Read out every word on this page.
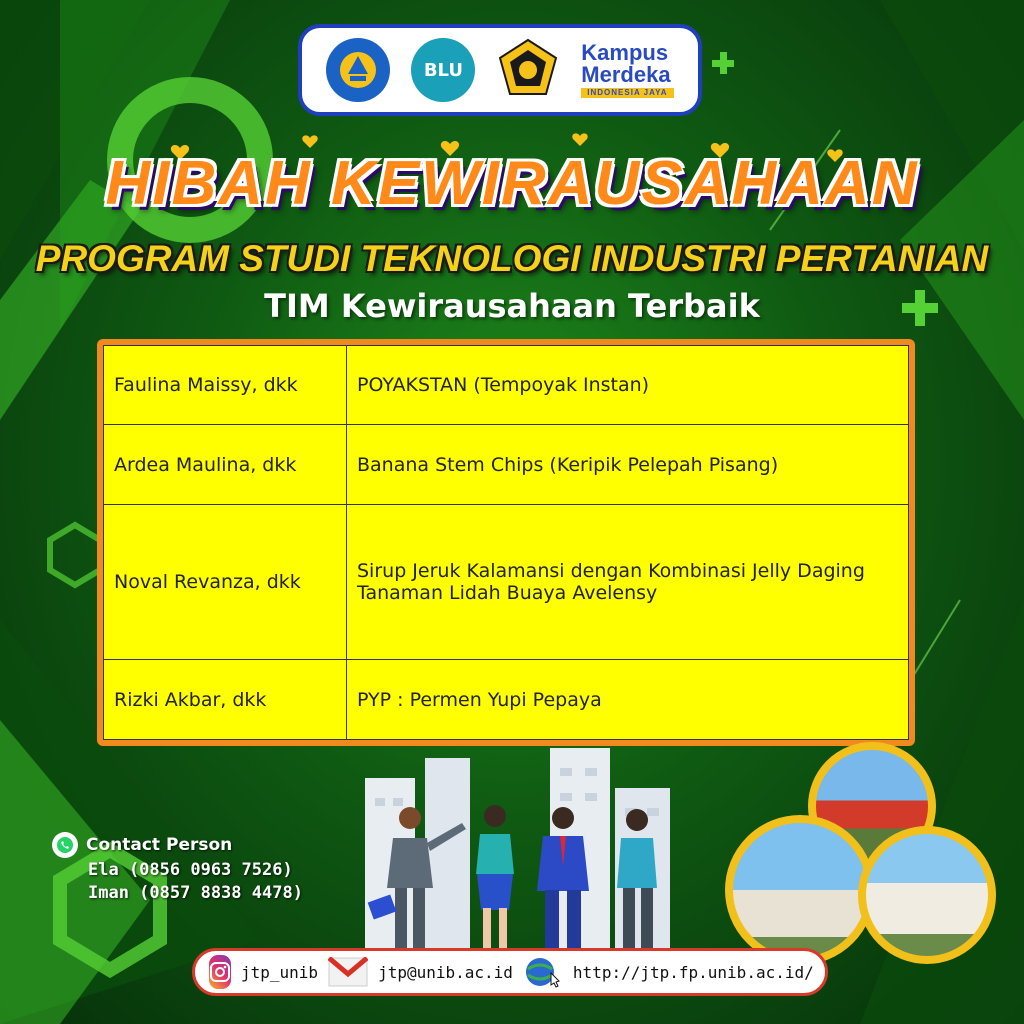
BLU
Kampus
Merdeka
INDONESIA JAYA
HIBAH KEWIRAUSAHAAN
PROGRAM STUDI TEKNOLOGI INDUSTRI PERTANIAN
TIM Kewirausahaan Terbaik
Faulina Maissy, dkk	POYAKSTAN (Tempoyak Instan)
Ardea Maulina, dkk	Banana Stem Chips (Keripik Pelepah Pisang)
Noval Revanza, dkk	Sirup Jeruk Kalamansi dengan Kombinasi Jelly Daging Tanaman Lidah Buaya Avelensy
Rizki Akbar, dkk	PYP : Permen Yupi Pepaya
Contact Person
Ela (0856 0963 7526)
Iman (0857 8838 4478)
jtp_unib	jtp@unib.ac.id	http://jtp.fp.unib.ac.id/
